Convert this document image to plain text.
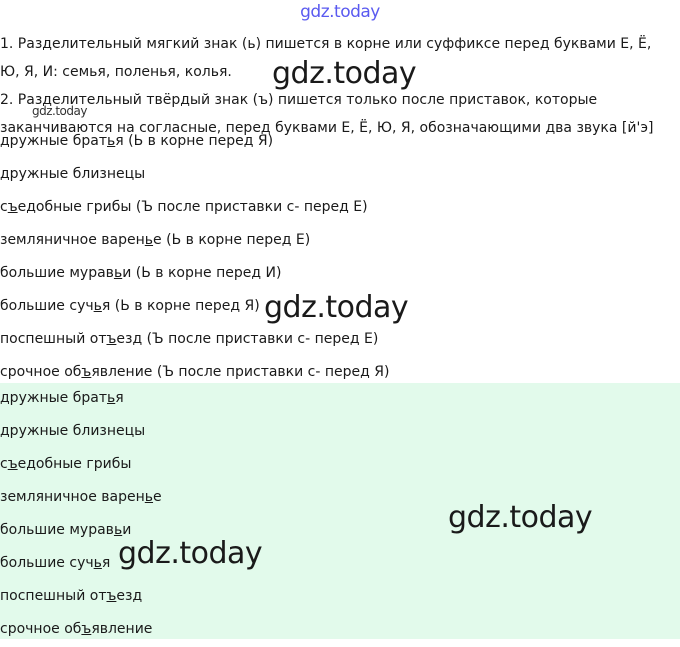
gdz.today

1. Разделительный мягкий знак (ь) пишется в корне или суффиксе перед буквами Е, Ё, Ю, Я, И: семья, поленья, колья.

2. Разделительный твёрдый знак (ъ) пишется только после приставок, которые заканчиваются на согласные, перед буквами Е, Ё, Ю, Я, обозначающими два звука [й'э]

дружные братья (Ь в корне перед Я)
дружные близнецы
съедобные грибы (Ъ после приставки с- перед Е)
земляничное варенье (Ь в корне перед Е)
большие муравьи (Ь в корне перед И)
большие сучья (Ь в корне перед Я)
поспешный отъезд (Ъ после приставки с- перед Е)
срочное объявление (Ъ после приставки с- перед Я)
дружные братья
дружные близнецы
съедобные грибы
земляничное варенье
большие муравьи
большие сучья
поспешный отъезд
срочное объявление
gdz.today
gdz.today
gdz.today
gdz.today
gdz.today
